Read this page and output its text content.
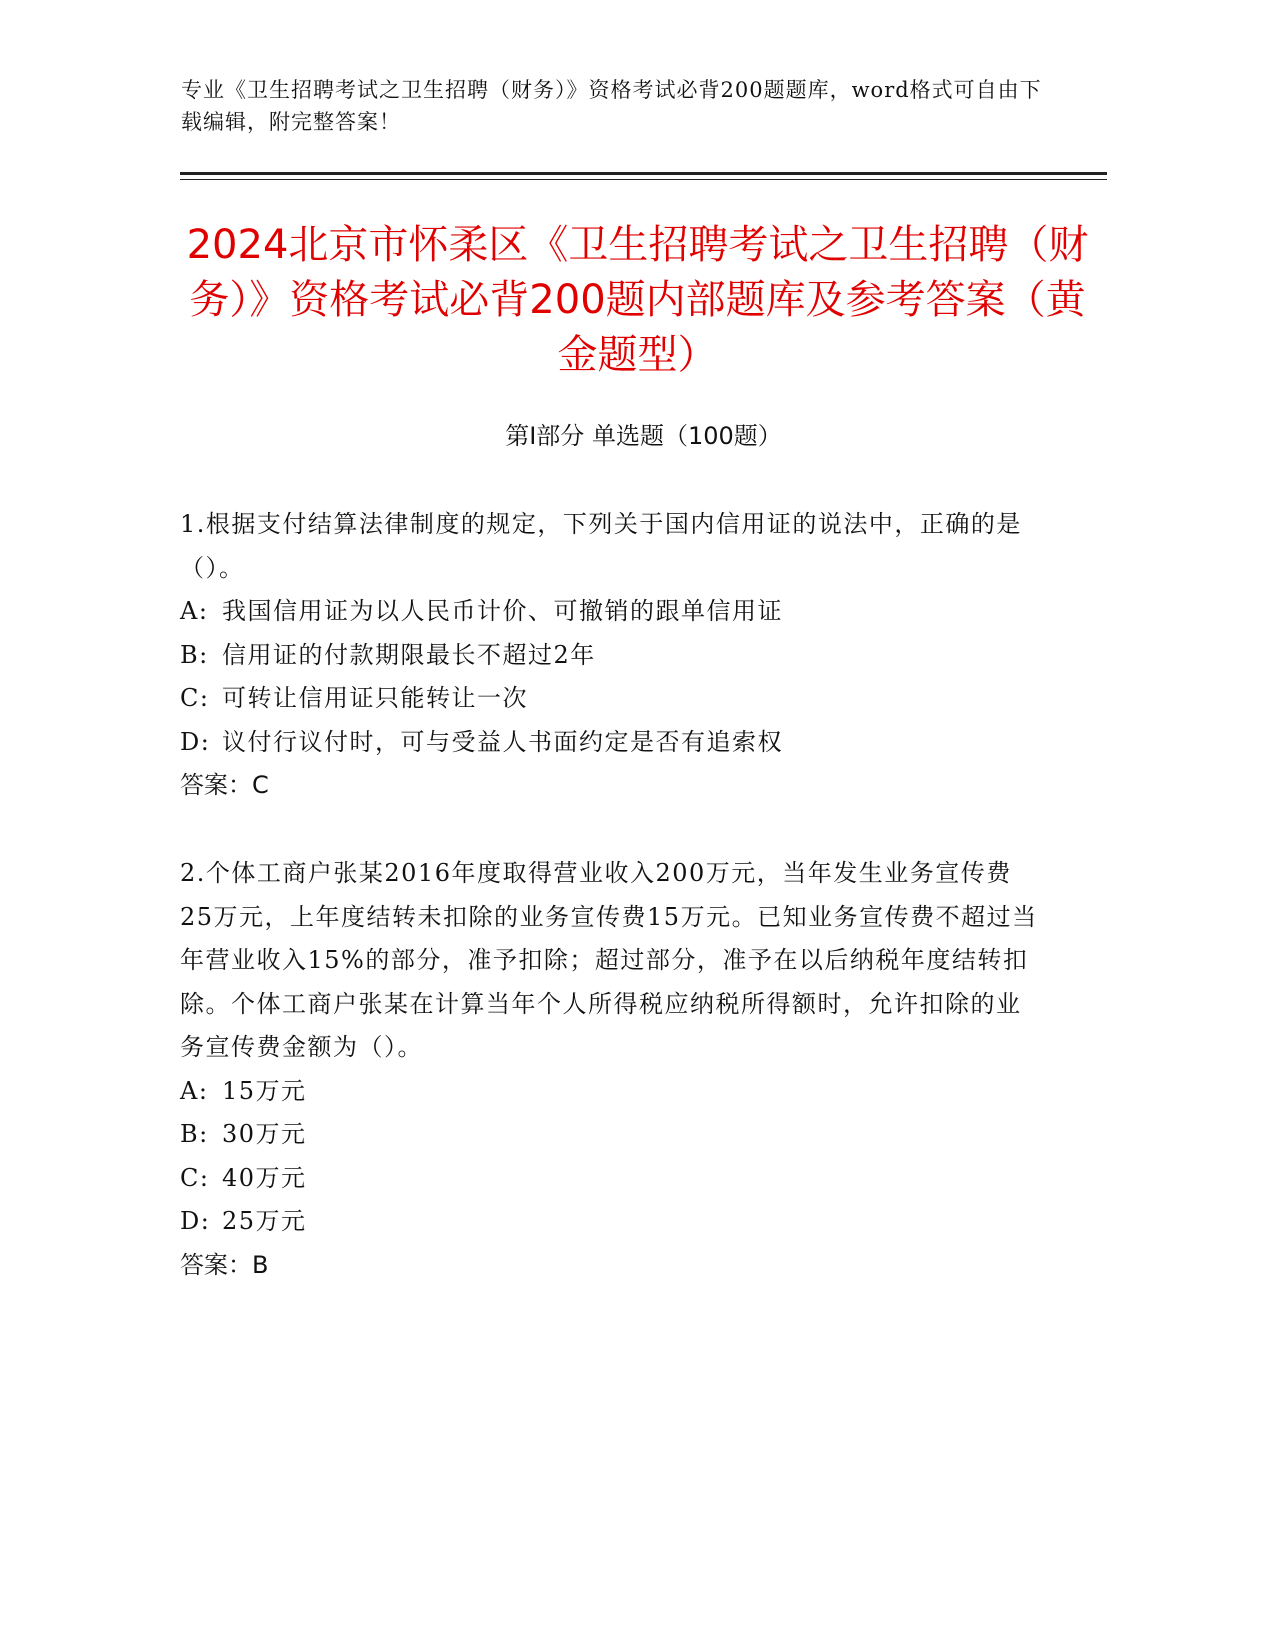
专业《卫生招聘考试之卫生招聘（财务）》资格考试必背200题题库，word格式可自由下载编辑，附完整答案！
2024北京市怀柔区《卫生招聘考试之卫生招聘（财务）》资格考试必背200题内部题库及参考答案（黄金题型）
第I部分 单选题（100题）

1.根据支付结算法律制度的规定，下列关于国内信用证的说法中，正确的是（）。

A: 我国信用证为以人民币计价、可撤销的跟单信用证

B: 信用证的付款期限最长不超过2年

C: 可转让信用证只能转让一次

D: 议付行议付时，可与受益人书面约定是否有追索权

答案：C

2.个体工商户张某2016年度取得营业收入200万元，当年发生业务宣传费25万元，上年度结转未扣除的业务宣传费15万元。已知业务宣传费不超过当年营业收入15%的部分，准予扣除；超过部分，准予在以后纳税年度结转扣除。个体工商户张某在计算当年个人所得税应纳税所得额时，允许扣除的业务宣传费金额为（）。

A: 15万元

B: 30万元

C: 40万元

D: 25万元

答案：B
